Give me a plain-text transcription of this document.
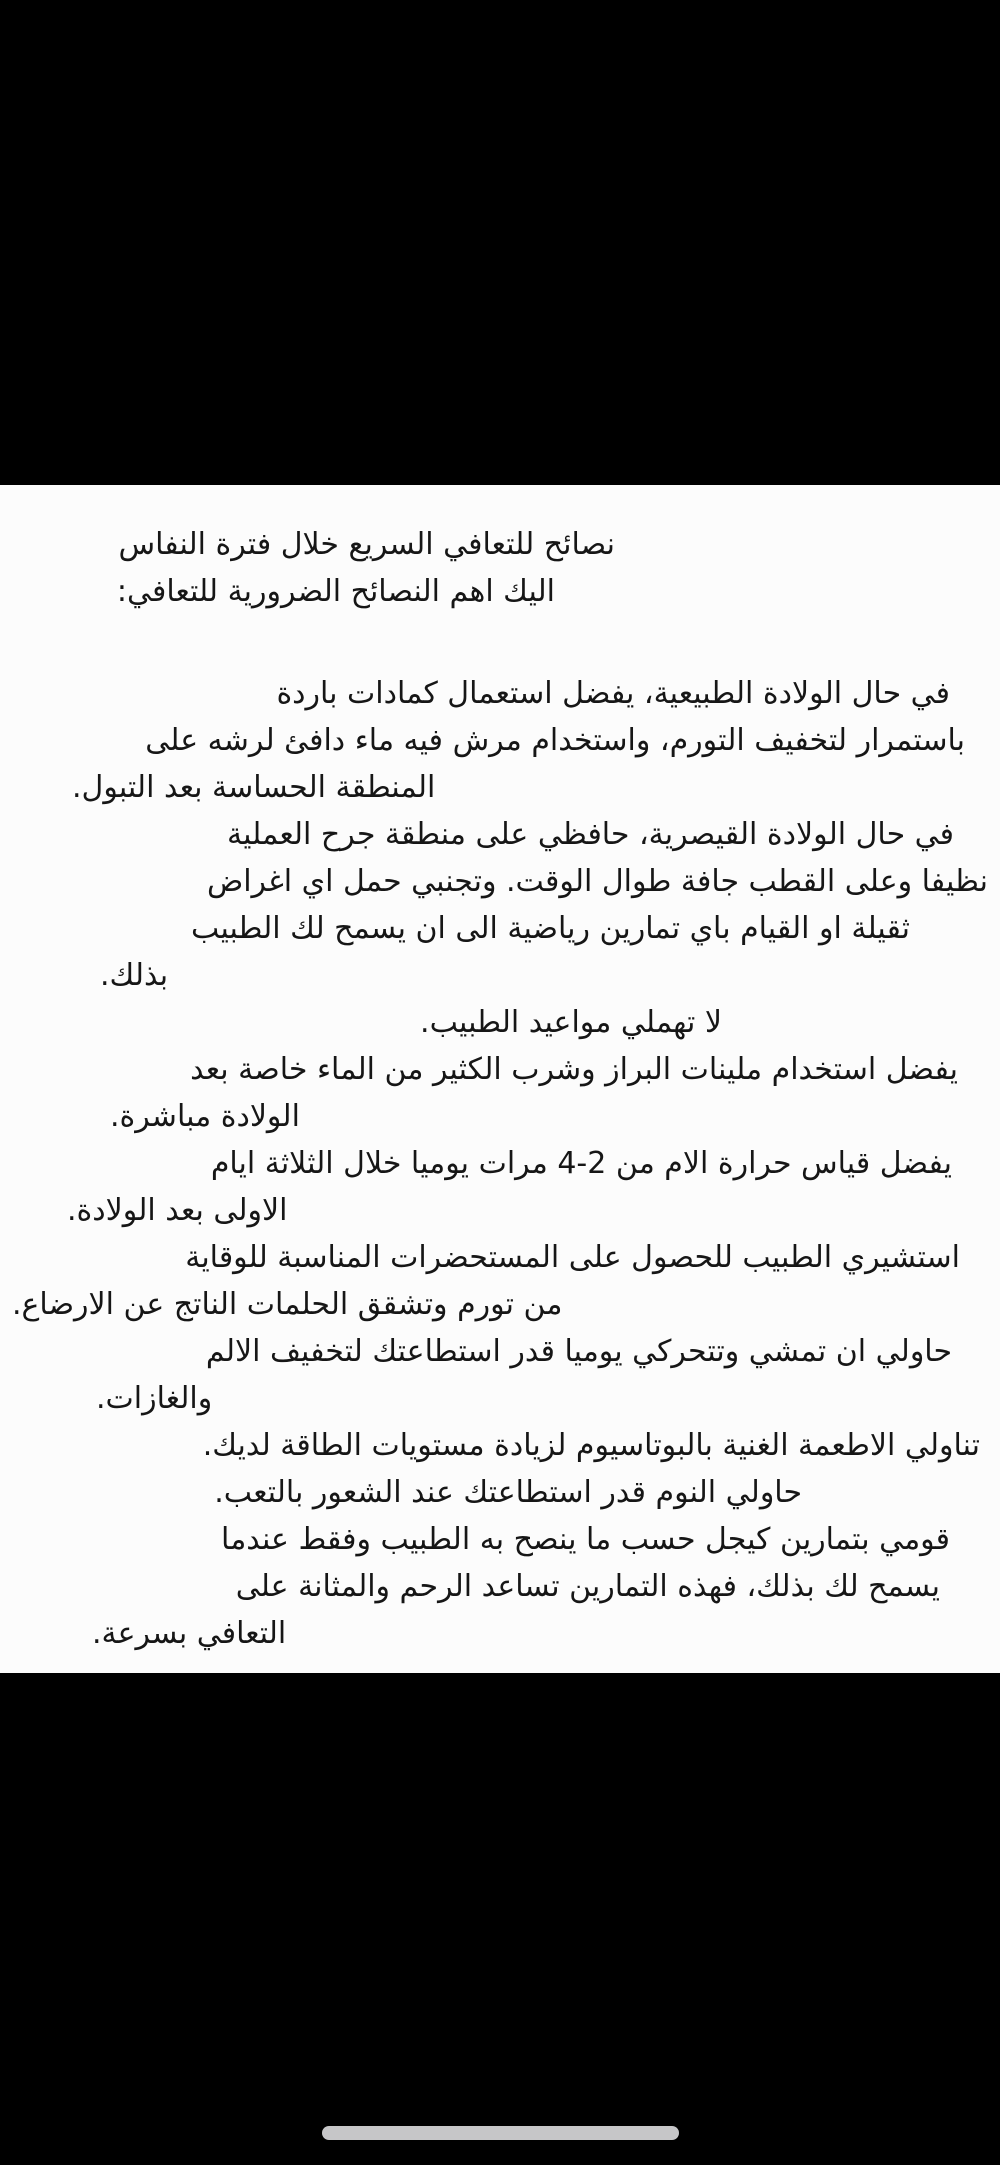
نصائح للتعافي السريع خلال فترة النفاس
اليك اهم النصائح الضرورية للتعافي:
في حال الولادة الطبيعية، يفضل استعمال كمادات باردة
باستمرار لتخفيف التورم، واستخدام مرش فيه ماء دافئ لرشه على
المنطقة الحساسة بعد التبول.
في حال الولادة القيصرية، حافظي على منطقة جرح العملية
نظيفا وعلى القطب جافة طوال الوقت. وتجنبي حمل اي اغراض
ثقيلة او القيام باي تمارين رياضية الى ان يسمح لك الطبيب
بذلك.
لا تهملي مواعيد الطبيب.
يفضل استخدام ملينات البراز وشرب الكثير من الماء خاصة بعد
الولادة مباشرة.
يفضل قياس حرارة الام من 2-4 مرات يوميا خلال الثلاثة ايام
الاولى بعد الولادة.
استشيري الطبيب للحصول على المستحضرات المناسبة للوقاية
من تورم وتشقق الحلمات الناتج عن الارضاع.
حاولي ان تمشي وتتحركي يوميا قدر استطاعتك لتخفيف الالم
والغازات.
تناولي الاطعمة الغنية بالبوتاسيوم لزيادة مستويات الطاقة لديك.
حاولي النوم قدر استطاعتك عند الشعور بالتعب.
قومي بتمارين كيجل حسب ما ينصح به الطبيب وفقط عندما
يسمح لك بذلك، فهذه التمارين تساعد الرحم والمثانة على
التعافي بسرعة.
